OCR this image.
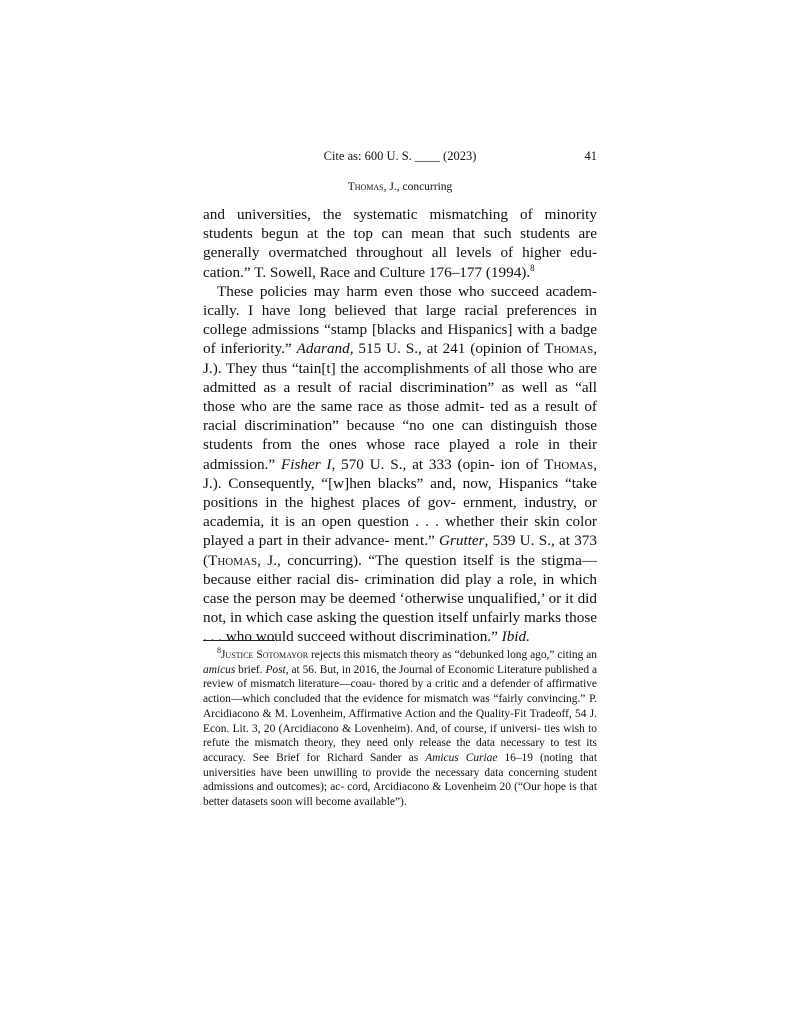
Cite as: 600 U. S. ____ (2023)	41
Thomas, J., concurring

and universities, the systematic mismatching of minority students begun at the top can mean that such students are generally overmatched throughout all levels of higher edu- cation.” T. Sowell, Race and Culture 176–177 (1994).$^8$

These policies may harm even those who succeed academ- ically. I have long believed that large racial preferences in college admissions “stamp [blacks and Hispanics] with a badge of inferiority.” Adarand, 515 U. S., at 241 (opinion of Thomas, J.). They thus “tain[t] the accomplishments of all those who are admitted as a result of racial discrimination” as well as “all those who are the same race as those admit- ted as a result of racial discrimination” because “no one can distinguish those students from the ones whose race played a role in their admission.” Fisher I, 570 U. S., at 333 (opin- ion of Thomas, J.). Consequently, “[w]hen blacks” and, now, Hispanics “take positions in the highest places of gov- ernment, industry, or academia, it is an open question . . . whether their skin color played a part in their advance- ment.” Grutter, 539 U. S., at 373 (Thomas, J., concurring). “The question itself is the stigma—because either racial dis- crimination did play a role, in which case the person may be deemed ‘otherwise unqualified,’ or it did not, in which case asking the question itself unfairly marks those . . . who would succeed without discrimination.” Ibid.

$^8$Justice Sotomayor rejects this mismatch theory as “debunked long ago,” citing an amicus brief. Post, at 56. But, in 2016, the Journal of Economic Literature published a review of mismatch literature—coau- thored by a critic and a defender of affirmative action—which concluded that the evidence for mismatch was “fairly convincing.” P. Arcidiacono & M. Lovenheim, Affirmative Action and the Quality-Fit Tradeoff, 54 J. Econ. Lit. 3, 20 (Arcidiacono & Lovenheim). And, of course, if universi- ties wish to refute the mismatch theory, they need only release the data necessary to test its accuracy. See Brief for Richard Sander as Amicus Curiae 16–19 (noting that universities have been unwilling to provide the necessary data concerning student admissions and outcomes); ac- cord, Arcidiacono & Lovenheim 20 (“Our hope is that better datasets soon will become available”).
